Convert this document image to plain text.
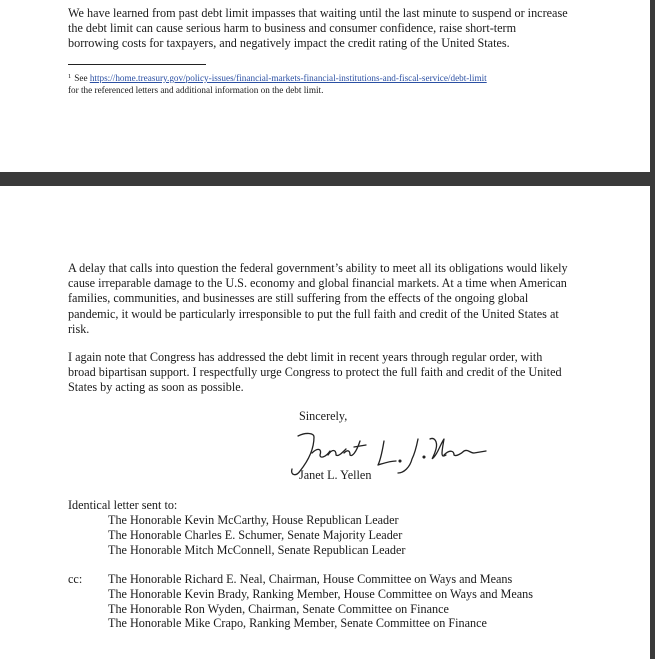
We have learned from past debt limit impasses that waiting until the last minute to suspend or increase the debt limit can cause serious harm to business and consumer confidence, raise short-term borrowing costs for taxpayers, and negatively impact the credit rating of the United States.

$^1$ See https://home.treasury.gov/policy-issues/financial-markets-financial-institutions-and-fiscal-service/debt-limit
for the referenced letters and additional information on the debt limit.

A delay that calls into question the federal government’s ability to meet all its obligations would likely cause irreparable damage to the U.S. economy and global financial markets. At a time when American families, communities, and businesses are still suffering from the effects of the ongoing global pandemic, it would be particularly irresponsible to put the full faith and credit of the United States at risk.

I again note that Congress has addressed the debt limit in recent years through regular order, with broad bipartisan support. I respectfully urge Congress to protect the full faith and credit of the United States by acting as soon as possible.

Sincerely,
Janet L. Yellen
Identical letter sent to:
The Honorable Kevin McCarthy, House Republican Leader
The Honorable Charles E. Schumer, Senate Majority Leader
The Honorable Mitch McConnell, Senate Republican Leader
cc: The Honorable Richard E. Neal, Chairman, House Committee on Ways and Means
The Honorable Kevin Brady, Ranking Member, House Committee on Ways and Means
The Honorable Ron Wyden, Chairman, Senate Committee on Finance
The Honorable Mike Crapo, Ranking Member, Senate Committee on Finance
